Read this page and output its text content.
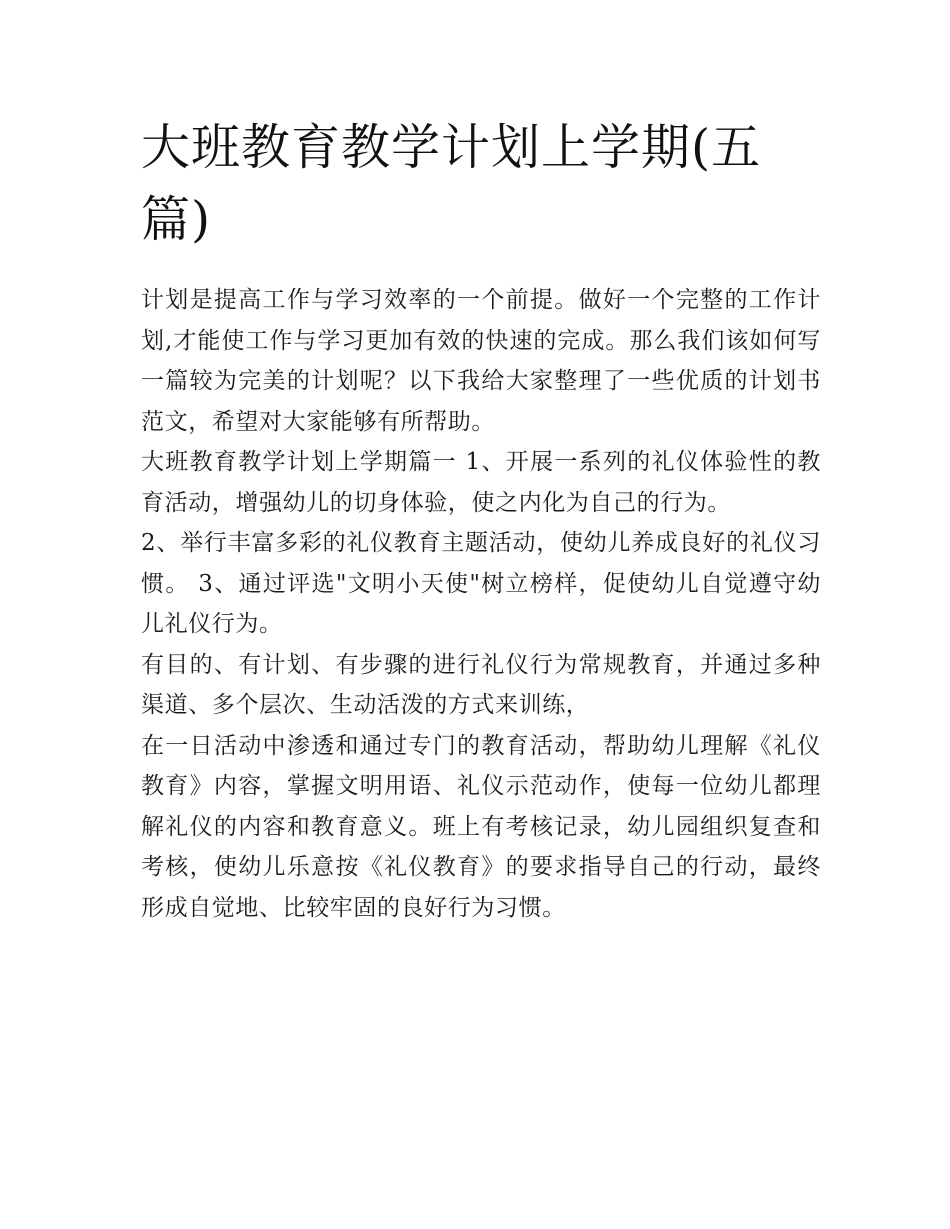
大班教育教学计划上学期(五篇)

计划是提高工作与学习效率的一个前提。做好一个完整的工作计划,才能使工作与学习更加有效的快速的完成。那么我们该如何写一篇较为完美的计划呢？以下我给大家整理了一些优质的计划书范文，希望对大家能够有所帮助。

大班教育教学计划上学期篇一 1、开展一系列的礼仪体验性的教育活动，增强幼儿的切身体验，使之内化为自己的行为。

2、举行丰富多彩的礼仪教育主题活动，使幼儿养成良好的礼仪习惯。 3、通过评选"文明小天使"树立榜样，促使幼儿自觉遵守幼儿礼仪行为。

有目的、有计划、有步骤的进行礼仪行为常规教育，并通过多种渠道、多个层次、生动活泼的方式来训练，

在一日活动中渗透和通过专门的教育活动，帮助幼儿理解《礼仪教育》内容，掌握文明用语、礼仪示范动作，使每一位幼儿都理解礼仪的内容和教育意义。班上有考核记录，幼儿园组织复查和考核，使幼儿乐意按《礼仪教育》的要求指导自己的行动，最终形成自觉地、比较牢固的良好行为习惯。
